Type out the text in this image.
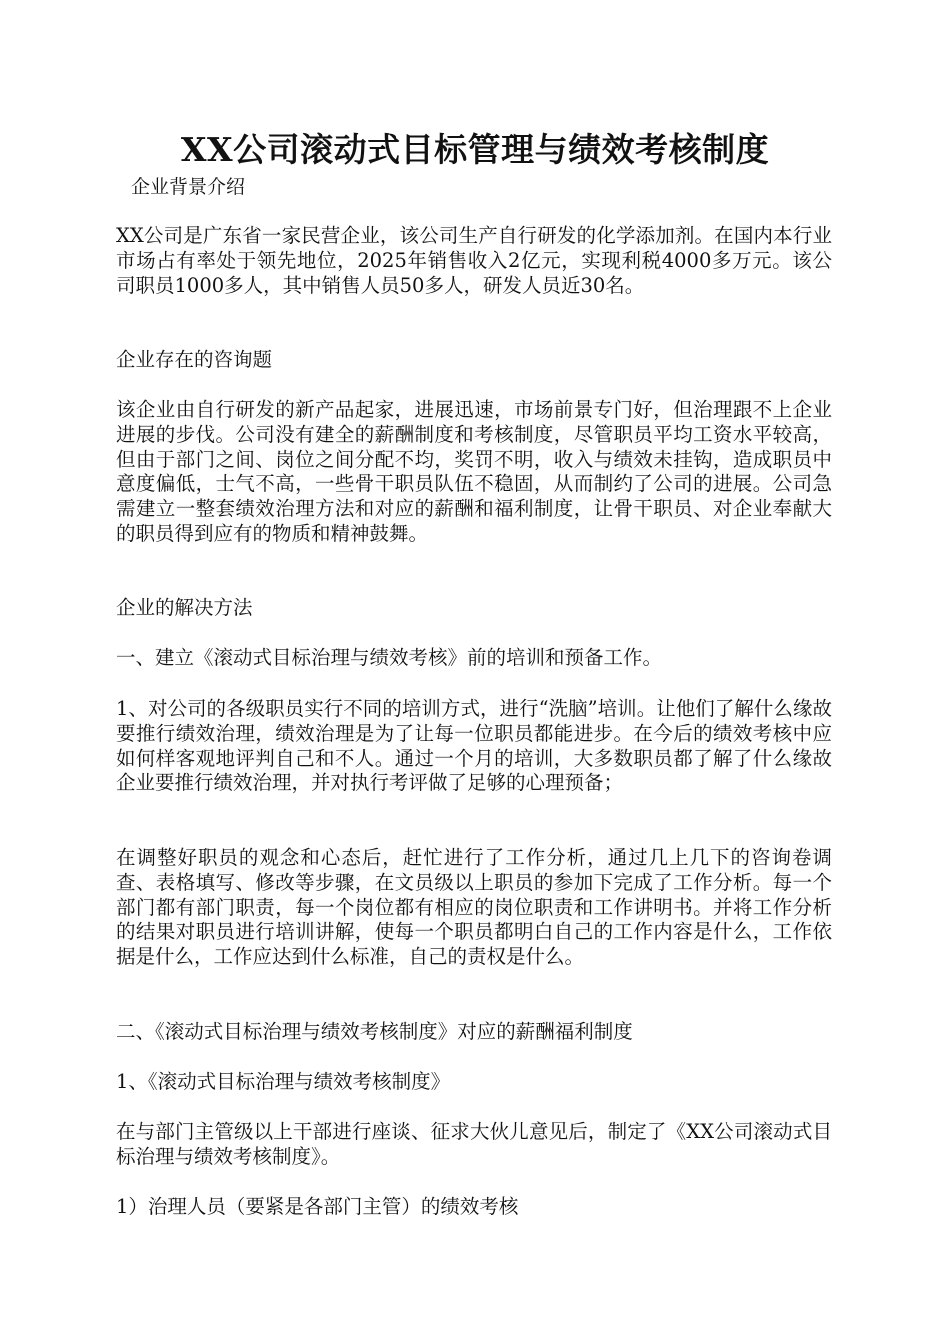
XX公司滚动式目标管理与绩效考核制度

企业背景介绍

XX公司是广东省一家民营企业，该公司生产自行研发的化学添加剂。在国内本行业市场占有率处于领先地位，2025年销售收入2亿元，实现利税4000多万元。该公司职员1000多人，其中销售人员50多人，研发人员近30名。

企业存在的咨询题

该企业由自行研发的新产品起家，进展迅速，市场前景专门好，但治理跟不上企业进展的步伐。公司没有建全的薪酬制度和考核制度，尽管职员平均工资水平较高，但由于部门之间、岗位之间分配不均，奖罚不明，收入与绩效未挂钩，造成职员中意度偏低，士气不高，一些骨干职员队伍不稳固，从而制约了公司的进展。公司急需建立一整套绩效治理方法和对应的薪酬和福利制度，让骨干职员、对企业奉献大的职员得到应有的物质和精神鼓舞。

企业的解决方法

一、建立《滚动式目标治理与绩效考核》前的培训和预备工作。

1、对公司的各级职员实行不同的培训方式，进行“洗脑”培训。让他们了解什么缘故要推行绩效治理，绩效治理是为了让每一位职员都能进步。在今后的绩效考核中应如何样客观地评判自己和不人。通过一个月的培训，大多数职员都了解了什么缘故企业要推行绩效治理，并对执行考评做了足够的心理预备；

在调整好职员的观念和心态后，赶忙进行了工作分析，通过几上几下的咨询卷调查、表格填写、修改等步骤，在文员级以上职员的参加下完成了工作分析。每一个部门都有部门职责，每一个岗位都有相应的岗位职责和工作讲明书。并将工作分析的结果对职员进行培训讲解，使每一个职员都明白自己的工作内容是什么，工作依据是什么，工作应达到什么标准，自己的责权是什么。

二、《滚动式目标治理与绩效考核制度》对应的薪酬福利制度

1、《滚动式目标治理与绩效考核制度》

在与部门主管级以上干部进行座谈、征求大伙儿意见后，制定了《XX公司滚动式目标治理与绩效考核制度》。

1）治理人员（要紧是各部门主管）的绩效考核
